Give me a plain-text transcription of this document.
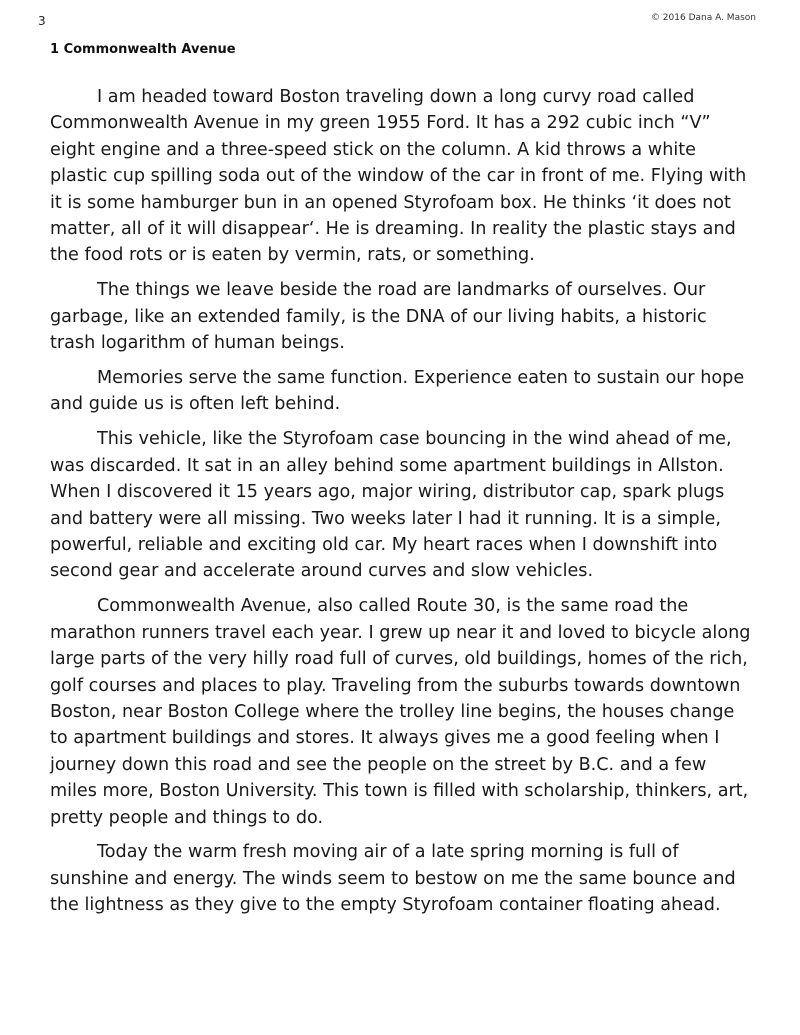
3	© 2016 Dana A. Mason
1 Commonwealth Avenue

I am headed toward Boston traveling down a long curvy road called Commonwealth Avenue in my green 1955 Ford. It has a 292 cubic inch “V” eight engine and a three-speed stick on the column. A kid throws a white plastic cup spilling soda out of the window of the car in front of me. Flying with it is some hamburger bun in an opened Styrofoam box. He thinks ‘it does not matter, all of it will disappear‘. He is dreaming. In reality the plastic stays and the food rots or is eaten by vermin, rats, or something.

The things we leave beside the road are landmarks of ourselves. Our garbage, like an extended family, is the DNA of our living habits, a historic trash logarithm of human beings.

Memories serve the same function. Experience eaten to sustain our hope and guide us is often left behind.

This vehicle, like the Styrofoam case bouncing in the wind ahead of me, was discarded. It sat in an alley behind some apartment buildings in Allston. When I discovered it 15 years ago, major wiring, distributor cap, spark plugs and battery were all missing. Two weeks later I had it running. It is a simple, powerful, reliable and exciting old car. My heart races when I downshift into second gear and accelerate around curves and slow vehicles.

Commonwealth Avenue, also called Route 30, is the same road the marathon runners travel each year. I grew up near it and loved to bicycle along large parts of the very hilly road full of curves, old buildings, homes of the rich, golf courses and places to play. Traveling from the suburbs towards downtown Boston, near Boston College where the trolley line begins, the houses change to apartment buildings and stores. It always gives me a good feeling when I journey down this road and see the people on the street by B.C. and a few miles more, Boston University. This town is filled with scholarship, thinkers, art, pretty people and things to do.

Today the warm fresh moving air of a late spring morning is full of sunshine and energy. The winds seem to bestow on me the same bounce and the lightness as they give to the empty Styrofoam container floating ahead.
